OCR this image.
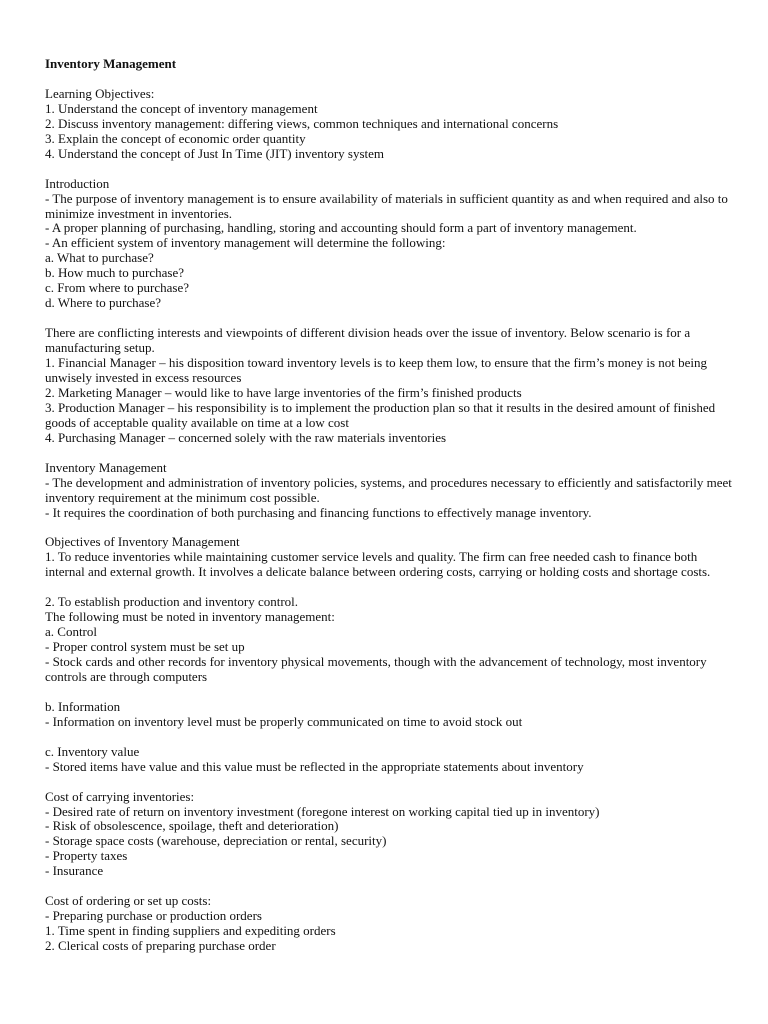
Inventory Management
Learning Objectives:
1. Understand the concept of inventory management
2. Discuss inventory management: differing views, common techniques and international concerns
3. Explain the concept of economic order quantity
4. Understand the concept of Just In Time (JIT) inventory system
Introduction
- The purpose of inventory management is to ensure availability of materials in sufficient quantity as and when required and also to minimize investment in inventories.
- A proper planning of purchasing, handling, storing and accounting should form a part of inventory management.
- An efficient system of inventory management will determine the following:
a. What to purchase?
b. How much to purchase?
c. From where to purchase?
d. Where to purchase?
There are conflicting interests and viewpoints of different division heads over the issue of inventory. Below scenario is for a manufacturing setup.
1. Financial Manager – his disposition toward inventory levels is to keep them low, to ensure that the firm’s money is not being unwisely invested in excess resources
2. Marketing Manager – would like to have large inventories of the firm’s finished products
3. Production Manager – his responsibility is to implement the production plan so that it results in the desired amount of finished goods of acceptable quality available on time at a low cost
4. Purchasing Manager – concerned solely with the raw materials inventories
Inventory Management
- The development and administration of inventory policies, systems, and procedures necessary to efficiently and satisfactorily meet inventory requirement at the minimum cost possible.
- It requires the coordination of both purchasing and financing functions to effectively manage inventory.
Objectives of Inventory Management
1. To reduce inventories while maintaining customer service levels and quality. The firm can free needed cash to finance both internal and external growth. It involves a delicate balance between ordering costs, carrying or holding costs and shortage costs.
2. To establish production and inventory control.
The following must be noted in inventory management:
a. Control
- Proper control system must be set up
- Stock cards and other records for inventory physical movements, though with the advancement of technology, most inventory controls are through computers
b. Information
- Information on inventory level must be properly communicated on time to avoid stock out
c. Inventory value
- Stored items have value and this value must be reflected in the appropriate statements about inventory
Cost of carrying inventories:
- Desired rate of return on inventory investment (foregone interest on working capital tied up in inventory)
- Risk of obsolescence, spoilage, theft and deterioration)
- Storage space costs (warehouse, depreciation or rental, security)
- Property taxes
- Insurance
Cost of ordering or set up costs:
- Preparing purchase or production orders
1. Time spent in finding suppliers and expediting orders
2. Clerical costs of preparing purchase order
